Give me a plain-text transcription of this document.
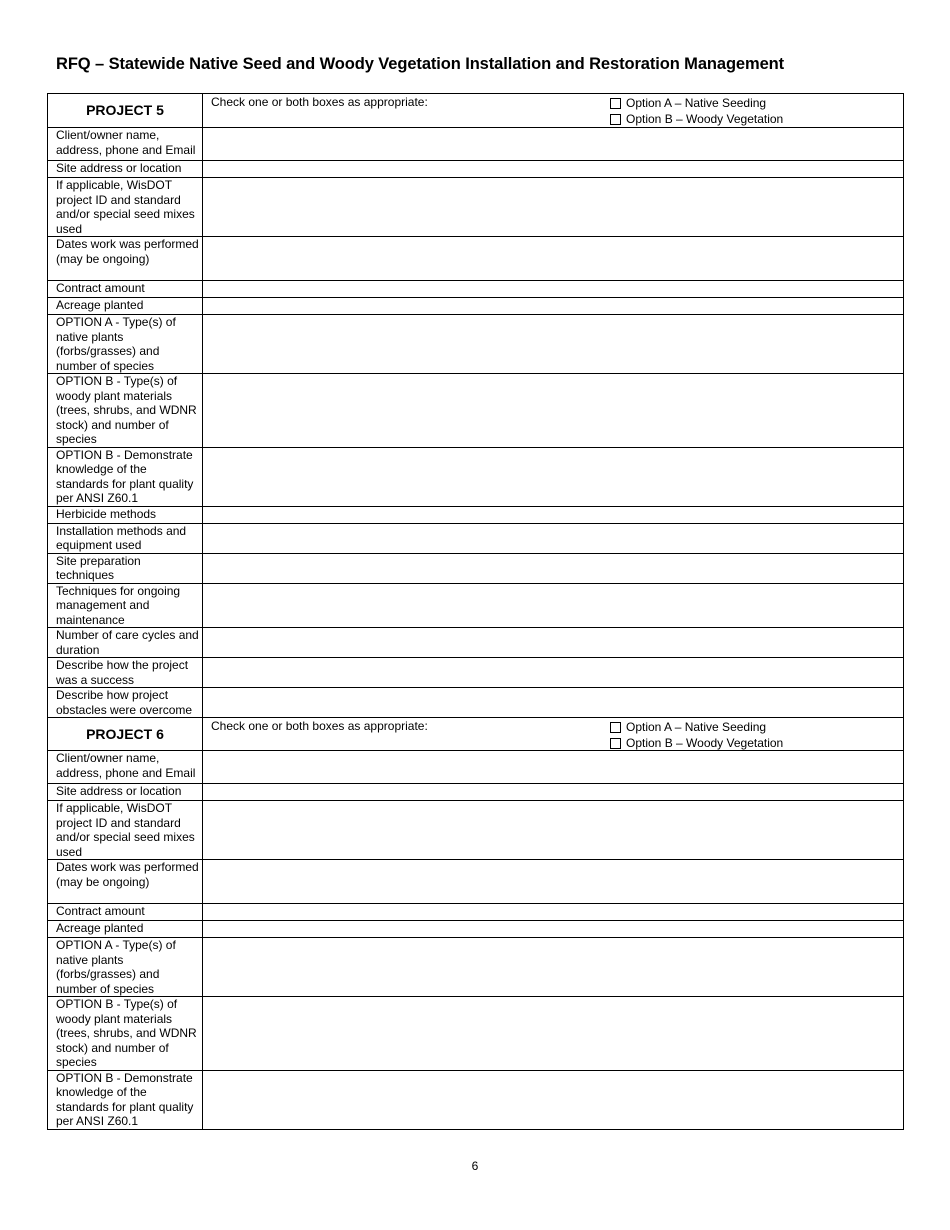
RFQ – Statewide Native Seed and Woody Vegetation Installation and Restoration Management
PROJECT 5	Check one or both boxes as appropriate: Option A – Native Seeding
Option B – Woody Vegetation

Client/owner name, address, phone and Email	
Site address or location	
If applicable, WisDOT project ID and standard and/or special seed mixes used	
Dates work was performed (may be ongoing)	
Contract amount	
Acreage planted	
OPTION A - Type(s) of native plants (forbs/grasses) and number of species	
OPTION B - Type(s) of woody plant materials (trees, shrubs, and WDNR stock) and number of species	
OPTION B - Demonstrate knowledge of the standards for plant quality per ANSI Z60.1	
Herbicide methods	
Installation methods and equipment used	
Site preparation techniques	
Techniques for ongoing management and maintenance	
Number of care cycles and duration	
Describe how the project was a success	
Describe how project obstacles were overcome	
PROJECT 6	Check one or both boxes as appropriate: Option A – Native Seeding
Option B – Woody Vegetation

Client/owner name, address, phone and Email	
Site address or location	
If applicable, WisDOT project ID and standard and/or special seed mixes used	
Dates work was performed (may be ongoing)	
Contract amount	
Acreage planted	
OPTION A - Type(s) of native plants (forbs/grasses) and number of species	
OPTION B - Type(s) of woody plant materials (trees, shrubs, and WDNR stock) and number of species	
OPTION B - Demonstrate knowledge of the standards for plant quality per ANSI Z60.1	
6
